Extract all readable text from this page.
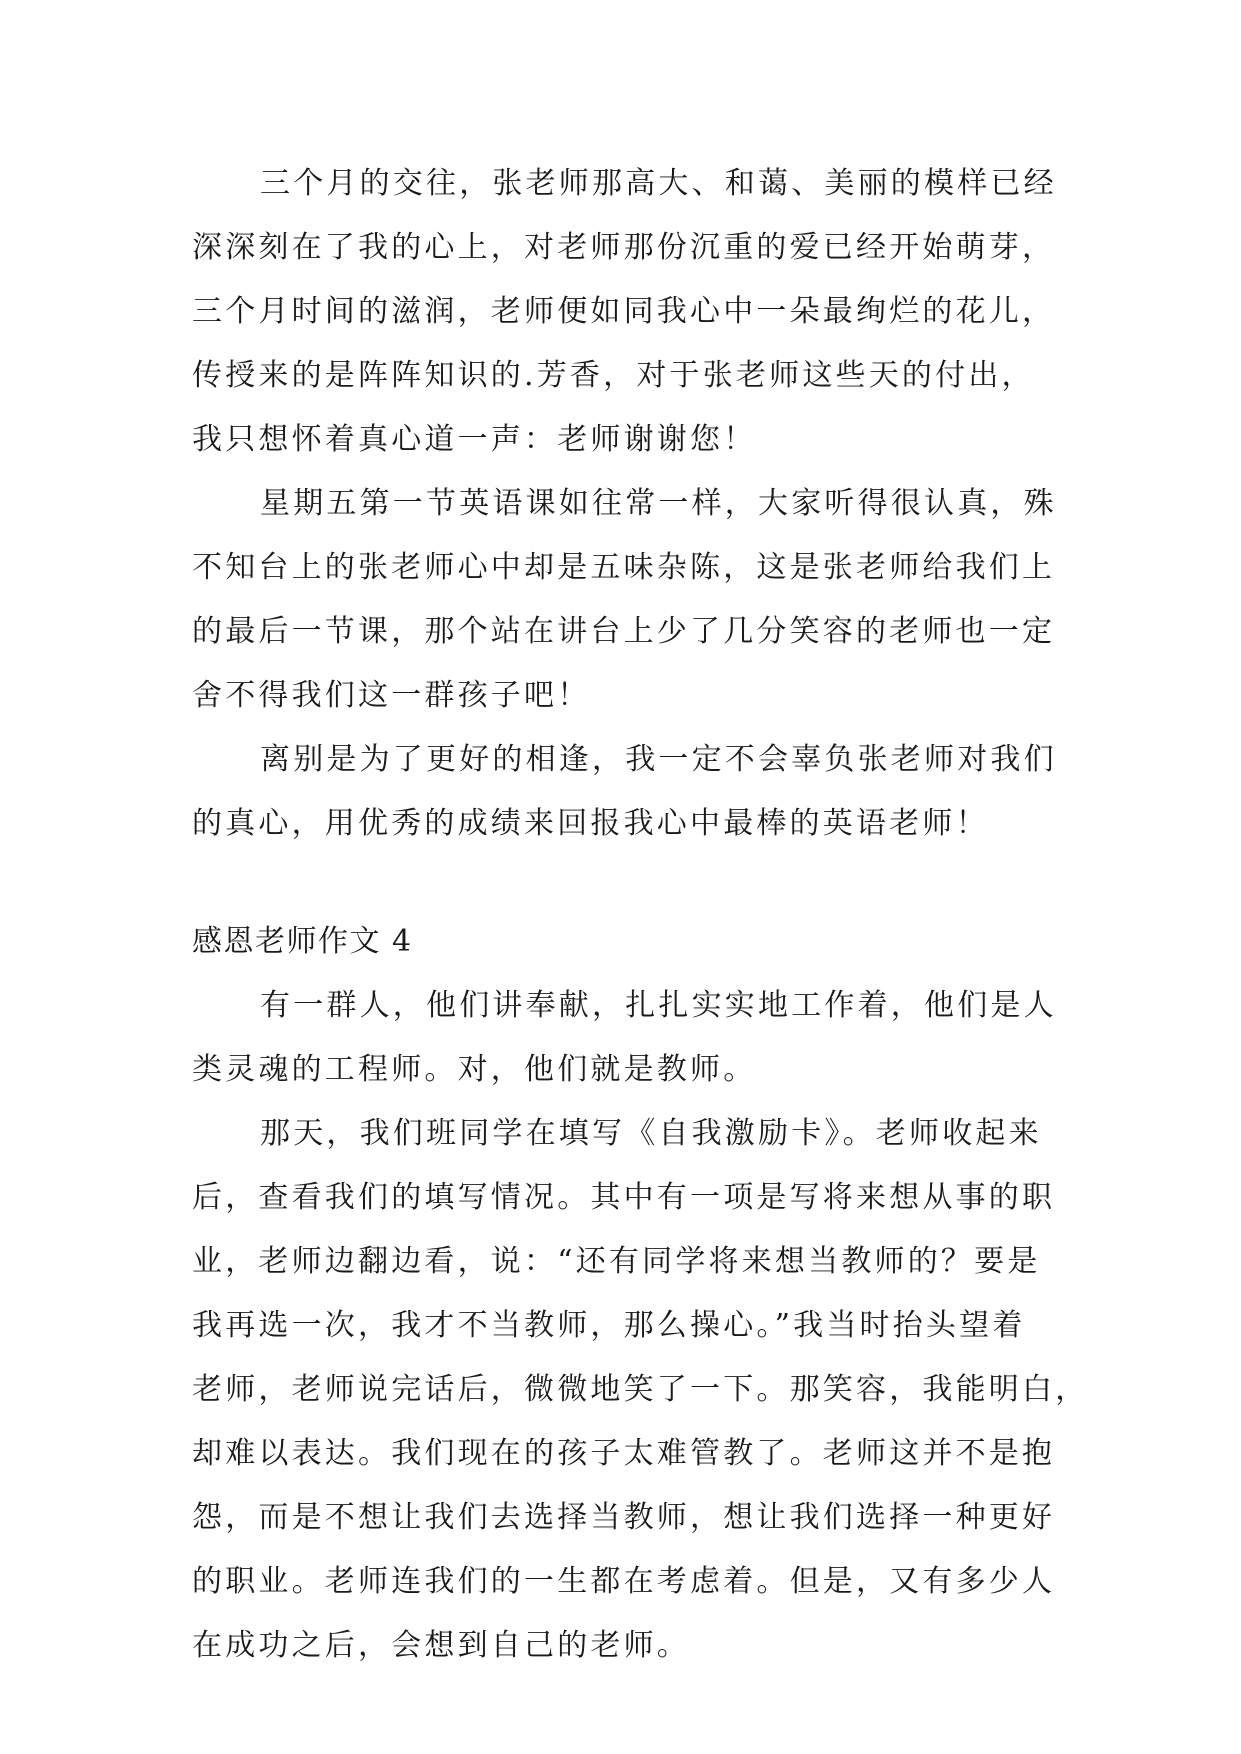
三个月的交往，张老师那高大、和蔼、美丽的模样已经
深深刻在了我的心上，对老师那份沉重的爱已经开始萌芽，
三个月时间的滋润，老师便如同我心中一朵最绚烂的花儿，
传授来的是阵阵知识的.芳香，对于张老师这些天的付出，
我只想怀着真心道一声：老师谢谢您！
星期五第一节英语课如往常一样，大家听得很认真，殊
不知台上的张老师心中却是五味杂陈，这是张老师给我们上
的最后一节课，那个站在讲台上少了几分笑容的老师也一定
舍不得我们这一群孩子吧！
离别是为了更好的相逢，我一定不会辜负张老师对我们
的真心，用优秀的成绩来回报我心中最棒的英语老师！
感恩老师作文 4
有一群人，他们讲奉献，扎扎实实地工作着，他们是人
类灵魂的工程师。对，他们就是教师。
那天，我们班同学在填写《自我激励卡》。老师收起来
后，查看我们的填写情况。其中有一项是写将来想从事的职
业，老师边翻边看，说：“还有同学将来想当教师的？要是
我再选一次，我才不当教师，那么操心。”我当时抬头望着
老师，老师说完话后，微微地笑了一下。那笑容，我能明白，
却难以表达。我们现在的孩子太难管教了。老师这并不是抱
怨，而是不想让我们去选择当教师，想让我们选择一种更好
的职业。老师连我们的一生都在考虑着。但是，又有多少人
在成功之后，会想到自己的老师。
